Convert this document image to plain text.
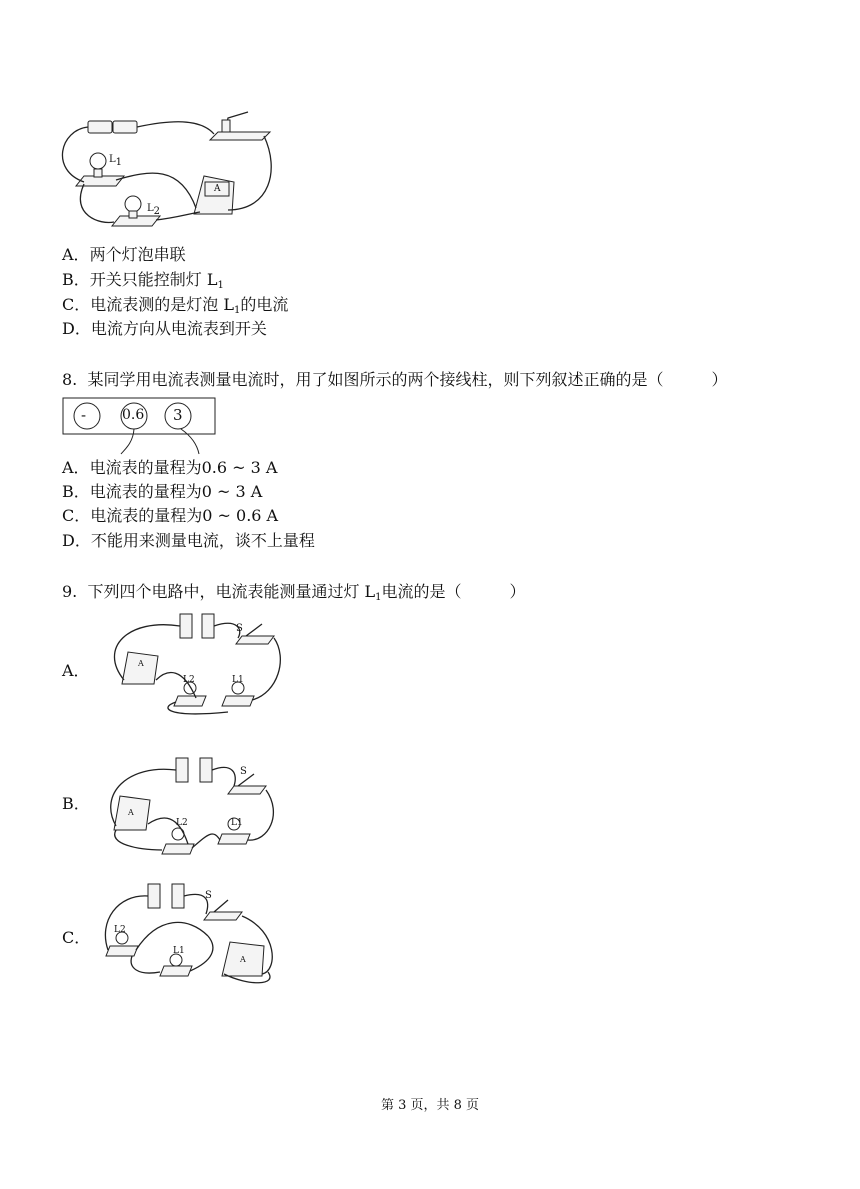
L1
L2
A
A．两个灯泡串联
B．开关只能控制灯 $L_1$
C．电流表测的是灯泡 $L_1$的电流
D．电流方向从电流表到开关
8. 某同学用电流表测量电流时，用了如图所示的两个接线柱，则下列叙述正确的是（　　　）
-	0.6 3
A．电流表的量程为0.6 ~ 3 A
B．电流表的量程为0 ~ 3 A
C．电流表的量程为0 ~ 0.6 A
D．不能用来测量电流，谈不上量程
9. 下列四个电路中，电流表能测量通过灯 $L_1$电流的是（　　　）
A．
S
L2	L1
A
B．
S
L2	L1
A
C．
S
L2
L1
A
第 3 页，共 8 页
